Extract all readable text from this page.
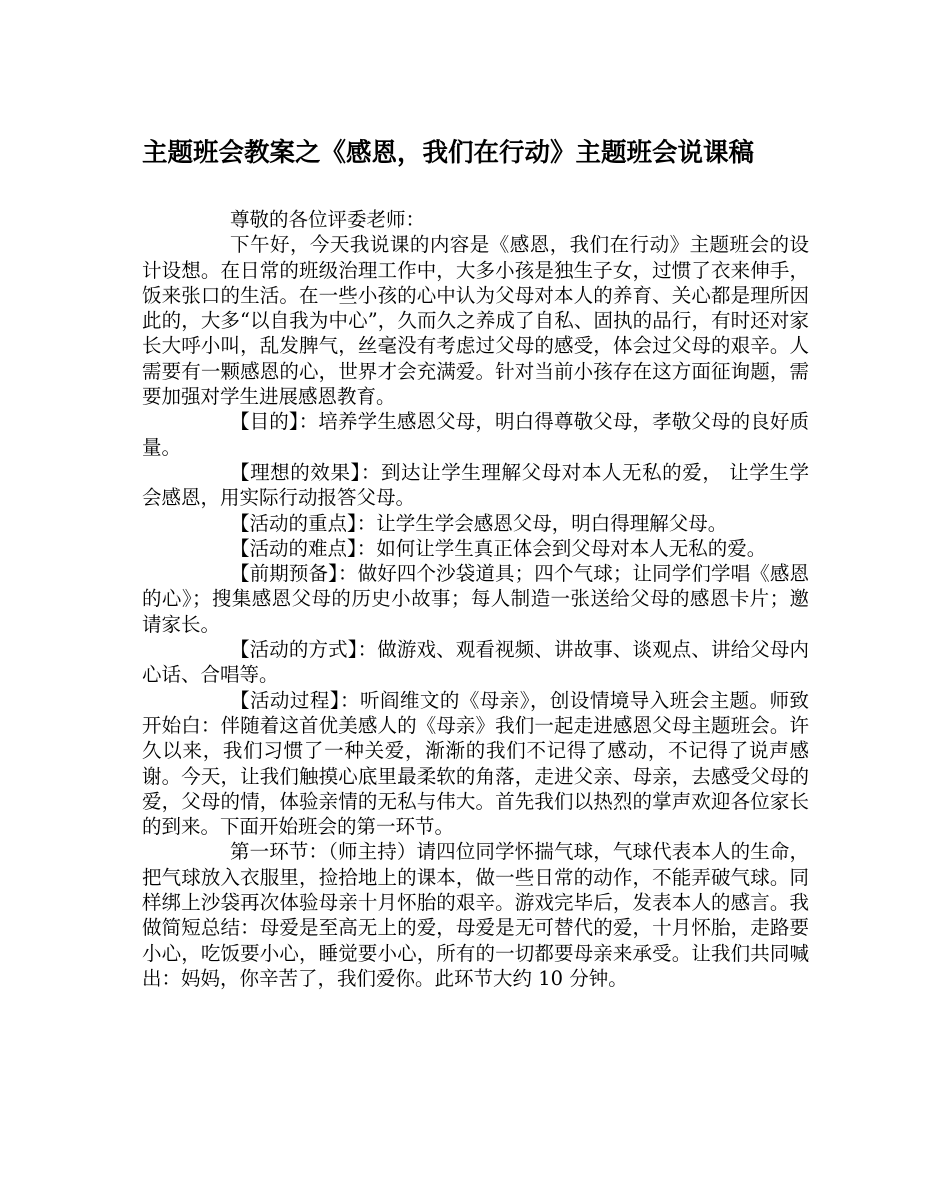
主题班会教案之《感恩，我们在行动》主题班会说课稿

尊敬的各位评委老师：

下午好，今天我说课的内容是《感恩，我们在行动》主题班会的设计设想。在日常的班级治理工作中，大多小孩是独生子女，过惯了衣来伸手，饭来张口的生活。在一些小孩的心中认为父母对本人的养育、关心都是理所因此的，大多“以自我为中心”，久而久之养成了自私、固执的品行，有时还对家长大呼小叫，乱发脾气，丝毫没有考虑过父母的感受，体会过父母的艰辛。人需要有一颗感恩的心，世界才会充满爱。针对当前小孩存在这方面征询题，需要加强对学生进展感恩教育。

【目的】：培养学生感恩父母，明白得尊敬父母，孝敬父母的良好质量。

【理想的效果】：到达让学生理解父母对本人无私的爱， 让学生学会感恩，用实际行动报答父母。

【活动的重点】：让学生学会感恩父母，明白得理解父母。

【活动的难点】：如何让学生真正体会到父母对本人无私的爱。

【前期预备】：做好四个沙袋道具；四个气球；让同学们学唱《感恩的心》；搜集感恩父母的历史小故事；每人制造一张送给父母的感恩卡片；邀请家长。

【活动的方式】：做游戏、观看视频、讲故事、谈观点、讲给父母内心话、合唱等。

【活动过程】：听阎维文的《母亲》，创设情境导入班会主题。师致开始白：伴随着这首优美感人的《母亲》我们一起走进感恩父母主题班会。许久以来，我们习惯了一种关爱，渐渐的我们不记得了感动，不记得了说声感谢。今天，让我们触摸心底里最柔软的角落，走进父亲、母亲，去感受父母的爱，父母的情，体验亲情的无私与伟大。首先我们以热烈的掌声欢迎各位家长的到来。下面开始班会的第一环节。

第一环节：（师主持）请四位同学怀揣气球，气球代表本人的生命，把气球放入衣服里，捡拾地上的课本，做一些日常的动作，不能弄破气球。同样绑上沙袋再次体验母亲十月怀胎的艰辛。游戏完毕后，发表本人的感言。我做简短总结：母爱是至高无上的爱，母爱是无可替代的爱，十月怀胎，走路要小心，吃饭要小心，睡觉要小心，所有的一切都要母亲来承受。让我们共同喊出：妈妈，你辛苦了，我们爱你。此环节大约 10 分钟。
